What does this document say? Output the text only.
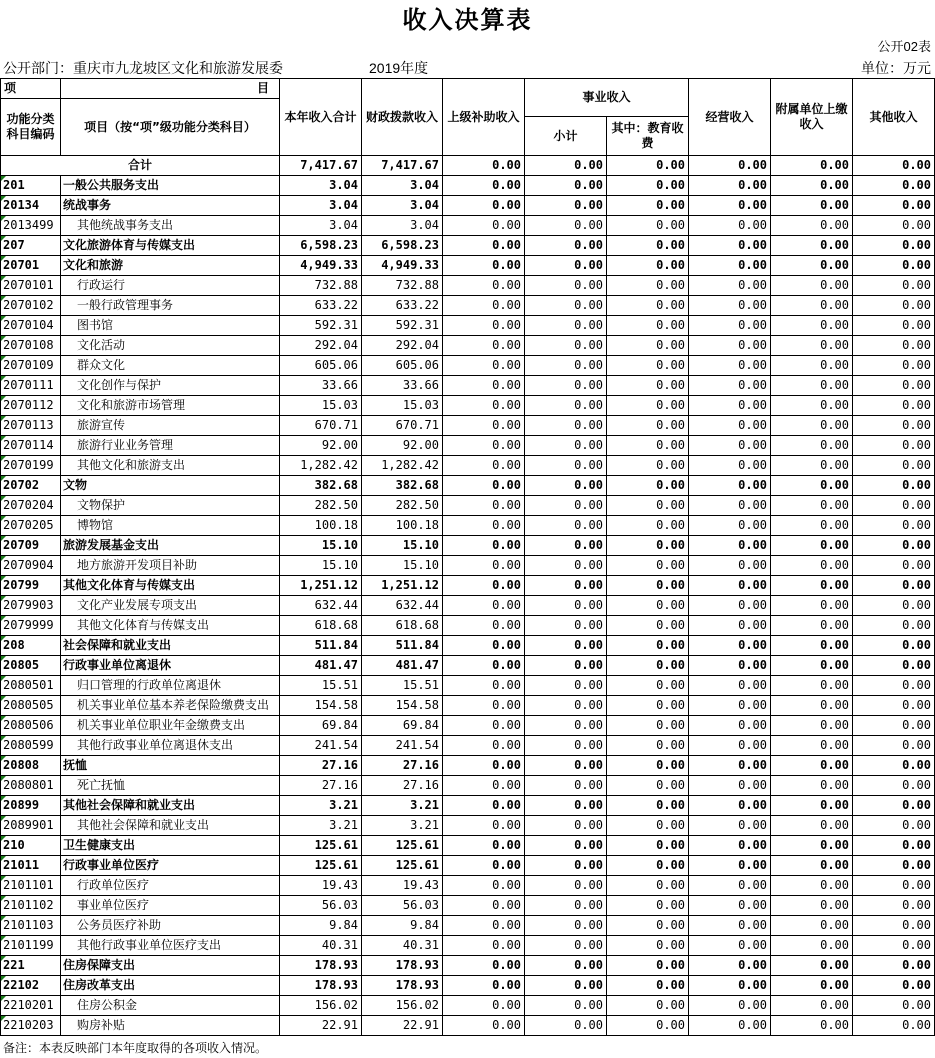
收入决算表
公开02表
公开部门：重庆市九龙坡区文化和旅游发展委	2019年度	单位：万元
项	目	本年收入合计	财政拨款收入	上级补助收入	事业收入		经营收入	附属单位上缴收入	其他收入
功能分类科目编码	项目（按“项”级功能分类科目）								
					小计	其中：教育收费			
合计		7,417.67	7,417.67	0.00	0.00	0.00	0.00	0.00	0.00
201	一般公共服务支出	3.04	3.04	0.00	0.00	0.00	0.00	0.00	0.00
20134	统战事务	3.04	3.04	0.00	0.00	0.00	0.00	0.00	0.00
2013499	其他统战事务支出	3.04	3.04	0.00	0.00	0.00	0.00	0.00	0.00
207	文化旅游体育与传媒支出	6,598.23	6,598.23	0.00	0.00	0.00	0.00	0.00	0.00
20701	文化和旅游	4,949.33	4,949.33	0.00	0.00	0.00	0.00	0.00	0.00
2070101	行政运行	732.88	732.88	0.00	0.00	0.00	0.00	0.00	0.00
2070102	一般行政管理事务	633.22	633.22	0.00	0.00	0.00	0.00	0.00	0.00
2070104	图书馆	592.31	592.31	0.00	0.00	0.00	0.00	0.00	0.00
2070108	文化活动	292.04	292.04	0.00	0.00	0.00	0.00	0.00	0.00
2070109	群众文化	605.06	605.06	0.00	0.00	0.00	0.00	0.00	0.00
2070111	文化创作与保护	33.66	33.66	0.00	0.00	0.00	0.00	0.00	0.00
2070112	文化和旅游市场管理	15.03	15.03	0.00	0.00	0.00	0.00	0.00	0.00
2070113	旅游宣传	670.71	670.71	0.00	0.00	0.00	0.00	0.00	0.00
2070114	旅游行业业务管理	92.00	92.00	0.00	0.00	0.00	0.00	0.00	0.00
2070199	其他文化和旅游支出	1,282.42	1,282.42	0.00	0.00	0.00	0.00	0.00	0.00
20702	文物	382.68	382.68	0.00	0.00	0.00	0.00	0.00	0.00
2070204	文物保护	282.50	282.50	0.00	0.00	0.00	0.00	0.00	0.00
2070205	博物馆	100.18	100.18	0.00	0.00	0.00	0.00	0.00	0.00
20709	旅游发展基金支出	15.10	15.10	0.00	0.00	0.00	0.00	0.00	0.00
2070904	地方旅游开发项目补助	15.10	15.10	0.00	0.00	0.00	0.00	0.00	0.00
20799	其他文化体育与传媒支出	1,251.12	1,251.12	0.00	0.00	0.00	0.00	0.00	0.00
2079903	文化产业发展专项支出	632.44	632.44	0.00	0.00	0.00	0.00	0.00	0.00
2079999	其他文化体育与传媒支出	618.68	618.68	0.00	0.00	0.00	0.00	0.00	0.00
208	社会保障和就业支出	511.84	511.84	0.00	0.00	0.00	0.00	0.00	0.00
20805	行政事业单位离退休	481.47	481.47	0.00	0.00	0.00	0.00	0.00	0.00
2080501	归口管理的行政单位离退休	15.51	15.51	0.00	0.00	0.00	0.00	0.00	0.00
2080505	机关事业单位基本养老保险缴费支出	154.58	154.58	0.00	0.00	0.00	0.00	0.00	0.00
2080506	机关事业单位职业年金缴费支出	69.84	69.84	0.00	0.00	0.00	0.00	0.00	0.00
2080599	其他行政事业单位离退休支出	241.54	241.54	0.00	0.00	0.00	0.00	0.00	0.00
20808	抚恤	27.16	27.16	0.00	0.00	0.00	0.00	0.00	0.00
2080801	死亡抚恤	27.16	27.16	0.00	0.00	0.00	0.00	0.00	0.00
20899	其他社会保障和就业支出	3.21	3.21	0.00	0.00	0.00	0.00	0.00	0.00
2089901	其他社会保障和就业支出	3.21	3.21	0.00	0.00	0.00	0.00	0.00	0.00
210	卫生健康支出	125.61	125.61	0.00	0.00	0.00	0.00	0.00	0.00
21011	行政事业单位医疗	125.61	125.61	0.00	0.00	0.00	0.00	0.00	0.00
2101101	行政单位医疗	19.43	19.43	0.00	0.00	0.00	0.00	0.00	0.00
2101102	事业单位医疗	56.03	56.03	0.00	0.00	0.00	0.00	0.00	0.00
2101103	公务员医疗补助	9.84	9.84	0.00	0.00	0.00	0.00	0.00	0.00
2101199	其他行政事业单位医疗支出	40.31	40.31	0.00	0.00	0.00	0.00	0.00	0.00
221	住房保障支出	178.93	178.93	0.00	0.00	0.00	0.00	0.00	0.00
22102	住房改革支出	178.93	178.93	0.00	0.00	0.00	0.00	0.00	0.00
2210201	住房公积金	156.02	156.02	0.00	0.00	0.00	0.00	0.00	0.00
2210203	购房补贴	22.91	22.91	0.00	0.00	0.00	0.00	0.00	0.00
备注：本表反映部门本年度取得的各项收入情况。
